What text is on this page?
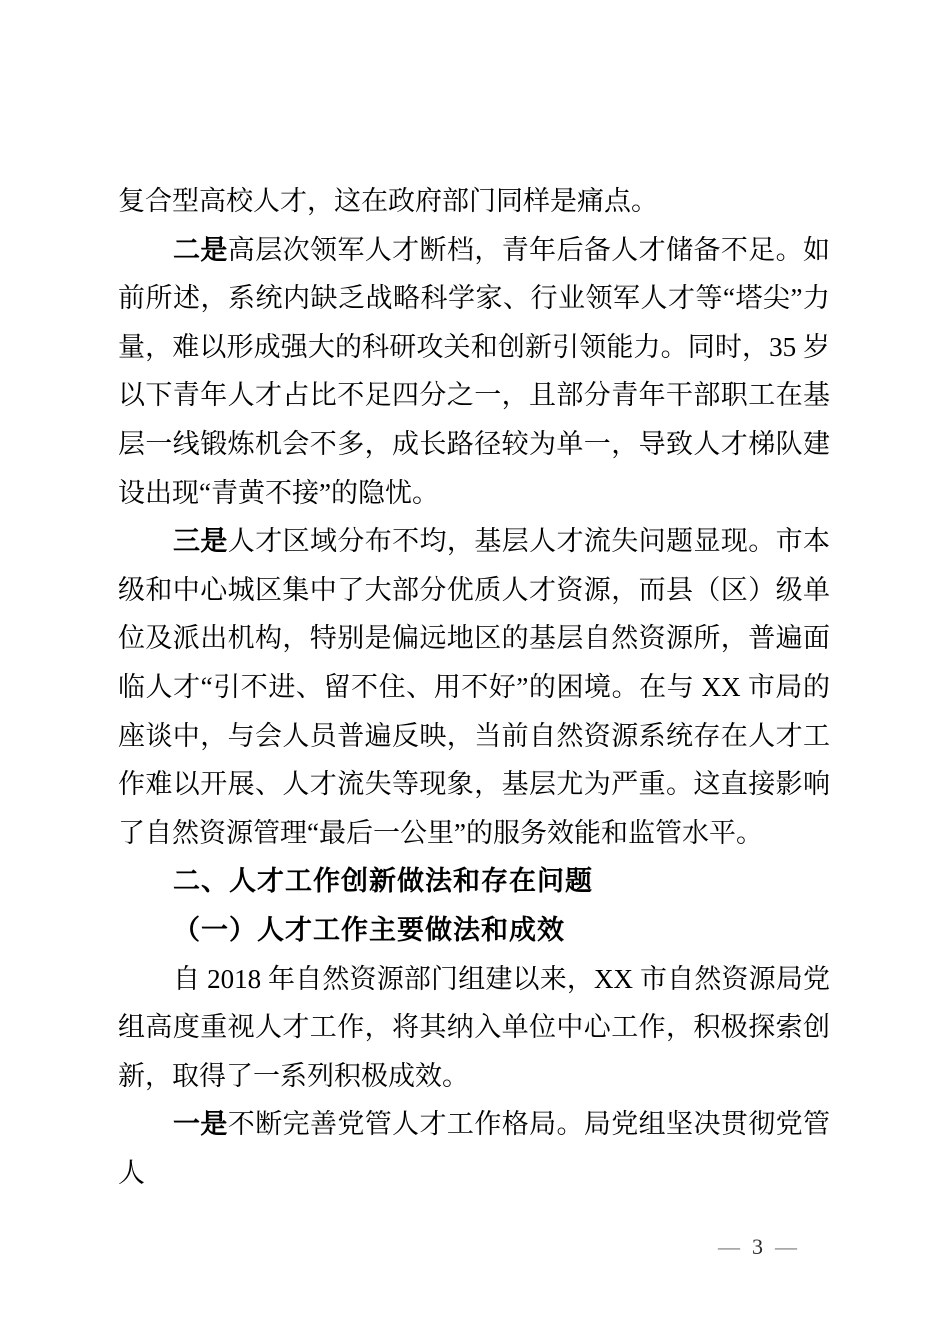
复合型高校人才，这在政府部门同样是痛点。

二是高层次领军人才断档，青年后备人才储备不足。如前所述，系统内缺乏战略科学家、行业领军人才等“塔尖”力量，难以形成强大的科研攻关和创新引领能力。同时，35 岁以下青年人才占比不足四分之一，且部分青年干部职工在基层一线锻炼机会不多，成长路径较为单一，导致人才梯队建设出现“青黄不接”的隐忧。

三是人才区域分布不均，基层人才流失问题显现。市本级和中心城区集中了大部分优质人才资源，而县（区）级单位及派出机构，特别是偏远地区的基层自然资源所，普遍面临人才“引不进、留不住、用不好”的困境。在与 XX 市局的座谈中，与会人员普遍反映，当前自然资源系统存在人才工作难以开展、人才流失等现象，基层尤为严重。这直接影响了自然资源管理“最后一公里”的服务效能和监管水平。

二、人才工作创新做法和存在问题

（一）人才工作主要做法和成效

自 2018 年自然资源部门组建以来，XX 市自然资源局党组高度重视人才工作，将其纳入单位中心工作，积极探索创新，取得了一系列积极成效。

一是不断完善党管人才工作格局。局党组坚决贯彻党管人

— 3 —
